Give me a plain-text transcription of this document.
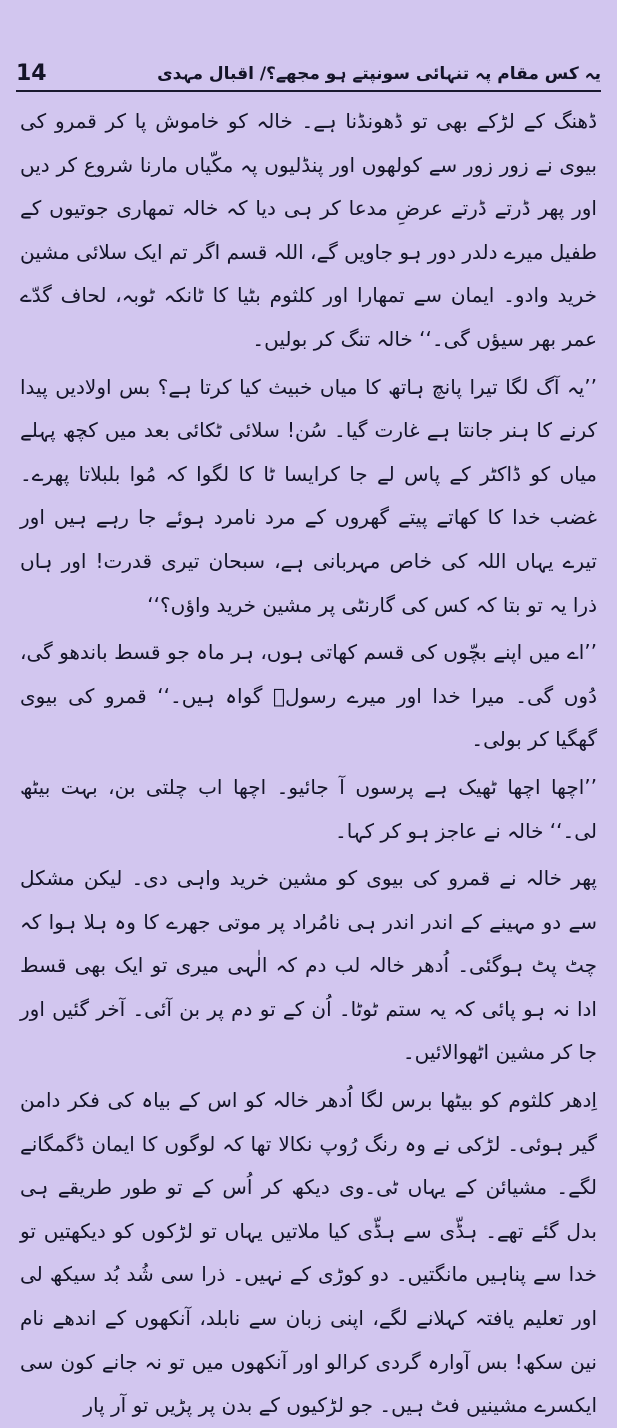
14	یہ کس مقام پہ تنہائی سونپتے ہو مجھے؟/ اقبال مہدی

ڈھنگ کے لڑکے بھی تو ڈھونڈنا ہے۔ خالہ کو خاموش پا کر قمرو کی بیوی نے زور زور سے کولھوں اور پنڈلیوں پہ مکّیاں مارنا شروع کر دیں اور پھر ڈرتے ڈرتے عرضِ مدعا کر ہی دیا کہ خالہ تمھاری جوتیوں کے طفیل میرے دلدر دور ہو جاویں گے، اللہ قسم اگر تم ایک سلائی مشین خرید وادو۔ ایمان سے تمھارا اور کلثوم بٹیا کا ٹانکہ ٹوبہ، لحاف گدّے عمر بھر سیؤں گی۔‘‘ خالہ تنگ کر بولیں۔

’’یہ آگ لگا تیرا پانچ ہاتھ کا میاں خبیث کیا کرتا ہے؟ بس اولادیں پیدا کرنے کا ہنر جانتا ہے غارت گیا۔ سُن! سلائی ٹکائی بعد میں کچھ پہلے میاں کو ڈاکٹر کے پاس لے جا کرایسا ٹا کا لگوا کہ مُوا بلبلاتا پھرے۔ غضب خدا کا کھاتے پیتے گھروں کے مرد نامرد ہوئے جا رہے ہیں اور تیرے یہاں اللہ کی خاص مہربانی ہے، سبحان تیری قدرت! اور ہاں ذرا یہ تو بتا کہ کس کی گارنٹی پر مشین خرید واؤں؟‘‘

’’اے میں اپنے بچّوں کی قسم کھاتی ہوں، ہر ماہ جو قسط باندھو گی، دُوں گی۔ میرا خدا اور میرے رسولؐ گواہ ہیں۔‘‘ قمرو کی بیوی گھگیا کر بولی۔

’’اچھا اچھا ٹھیک ہے پرسوں آ جائیو۔ اچھا اب چلتی بن، بہت بیٹھ لی۔‘‘ خالہ نے عاجز ہو کر کہا۔

پھر خالہ نے قمرو کی بیوی کو مشین خرید واہی دی۔ لیکن مشکل سے دو مہینے کے اندر اندر ہی نامُراد پر موتی جھرے کا وہ ہلا ہوا کہ چٹ پٹ ہوگئی۔ اُدھر خالہ لب دم کہ الٰہی میری تو ایک بھی قسط ادا نہ ہو پائی کہ یہ ستم ٹوٹا۔ اُن کے تو دم پر بن آئی۔ آخر گئیں اور جا کر مشین اٹھوالائیں۔

اِدھر کلثوم کو بیٹھا برس لگا اُدھر خالہ کو اس کے بیاہ کی فکر دامن گیر ہوئی۔ لڑکی نے وہ رنگ رُوپ نکالا تھا کہ لوگوں کا ایمان ڈگمگانے لگے۔ مشیائن کے یہاں ٹی۔وی دیکھ کر اُس کے تو طور طریقے ہی بدل گئے تھے۔ ہڈّی سے ہڈّی کیا ملاتیں یہاں تو لڑکوں کو دیکھتیں تو خدا سے پناہیں مانگتیں۔ دو کوڑی کے نہیں۔ ذرا سی شُد بُد سیکھ لی اور تعلیم یافتہ کہلانے لگے، اپنی زبان سے نابلد، آنکھوں کے اندھے نام نین سکھ! بس آوارہ گردی کرالو اور آنکھوں میں تو نہ جانے کون سی ایکسرے مشینیں فٹ ہیں۔ جو لڑکیوں کے بدن پر پڑیں تو آر پار
